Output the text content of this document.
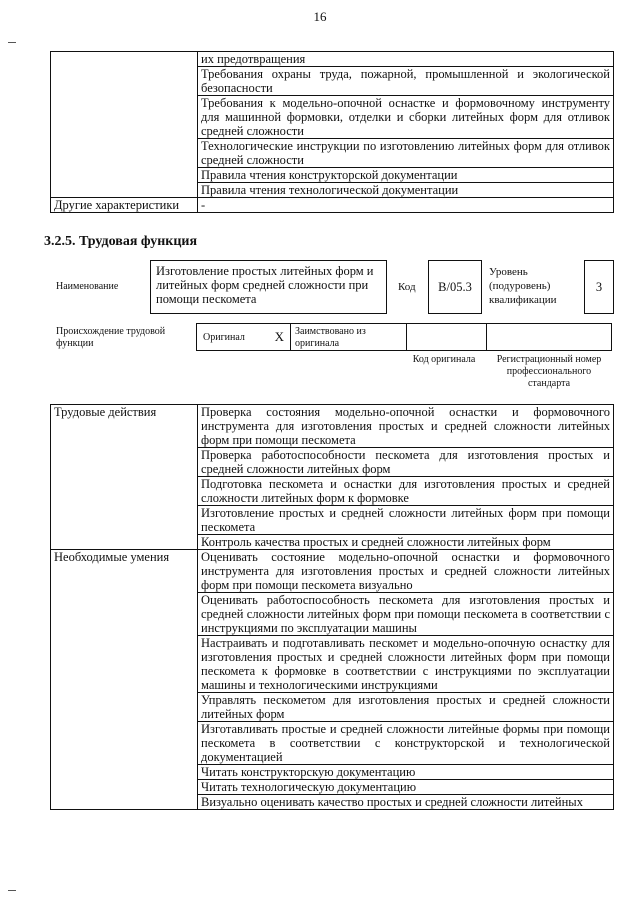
16
	их предотвращения
	Требования охраны труда, пожарной, промышленной и экологической безопасности
	Требования к модельно-опочной оснастке и формовочному инструменту для машинной формовки, отделки и сборки литейных форм для отливок средней сложности
	Технологические инструкции по изготовлению литейных форм для отливок средней сложности
	Правила чтения конструкторской документации
	Правила чтения технологической документации
Другие характеристики	-
3.2.5. Трудовая функция
Наименование
Изготовление простых литейных форм и литейных форм средней сложности при помощи пескомета
Код B/05.3
Уровень (подуровень) квалификации
3
Происхождение трудовой функции
Оригинал X	Заимствовано из оригинала
Код оригинала	Регистрационный номер профессионального стандарта
Трудовые действия	Проверка состояния модельно-опочной оснастки и формовочного инструмента для изготовления простых и средней сложности литейных форм при помощи пескомета
	Проверка работоспособности пескомета для изготовления простых и средней сложности литейных форм
	Подготовка пескомета и оснастки для изготовления простых и средней сложности литейных форм к формовке
	Изготовление простых и средней сложности литейных форм при помощи пескомета
	Контроль качества простых и средней сложности литейных форм
Необходимые умения	Оценивать состояние модельно-опочной оснастки и формовочного инструмента для изготовления простых и средней сложности литейных форм при помощи пескомета визуально
	Оценивать работоспособность пескомета для изготовления простых и средней сложности литейных форм при помощи пескомета в соответствии с инструкциями по эксплуатации машины
	Настраивать и подготавливать пескомет и модельно-опочную оснастку для изготовления простых и средней сложности литейных форм при помощи пескомета к формовке в соответствии с инструкциями по эксплуатации машины и технологическими инструкциями
	Управлять пескометом для изготовления простых и средней сложности литейных форм
	Изготавливать простые и средней сложности литейные формы при помощи пескомета в соответствии с конструкторской и технологической документацией
	Читать конструкторскую документацию
	Читать технологическую документацию
	Визуально оценивать качество простых и средней сложности литейных
